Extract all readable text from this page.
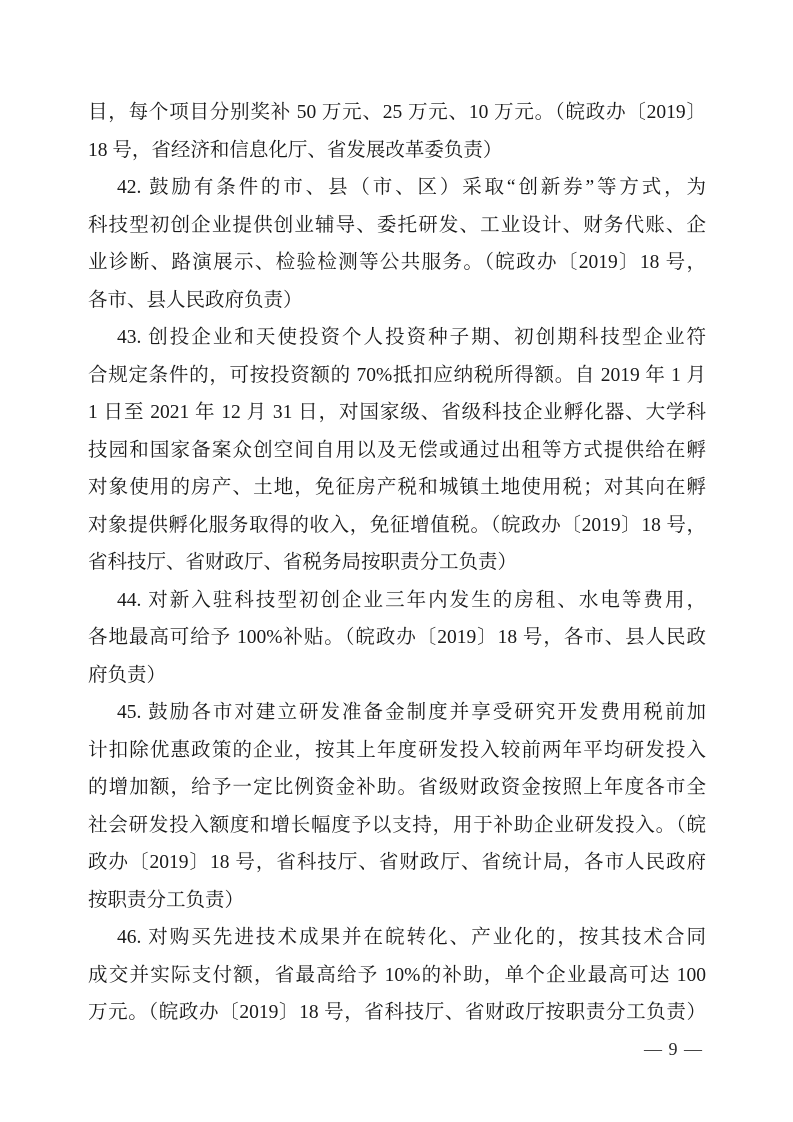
目，每个项目分别奖补 50 万元、25 万元、10 万元。（皖政办〔2019〕
18 号，省经济和信息化厅、省发展改革委负责）
42. 鼓励有条件的市、县（市、区）采取“创新券”等方式，为
科技型初创企业提供创业辅导、委托研发、工业设计、财务代账、企
业诊断、路演展示、检验检测等公共服务。（皖政办〔2019〕18 号，
各市、县人民政府负责）
43. 创投企业和天使投资个人投资种子期、初创期科技型企业符
合规定条件的，可按投资额的 70%抵扣应纳税所得额。自 2019 年 1 月
1 日至 2021 年 12 月 31 日，对国家级、省级科技企业孵化器、大学科
技园和国家备案众创空间自用以及无偿或通过出租等方式提供给在孵
对象使用的房产、土地，免征房产税和城镇土地使用税；对其向在孵
对象提供孵化服务取得的收入，免征增值税。（皖政办〔2019〕18 号，
省科技厅、省财政厅、省税务局按职责分工负责）
44. 对新入驻科技型初创企业三年内发生的房租、水电等费用，
各地最高可给予 100%补贴。（皖政办〔2019〕18 号，各市、县人民政
府负责）
45. 鼓励各市对建立研发准备金制度并享受研究开发费用税前加
计扣除优惠政策的企业，按其上年度研发投入较前两年平均研发投入
的增加额，给予一定比例资金补助。省级财政资金按照上年度各市全
社会研发投入额度和增长幅度予以支持，用于补助企业研发投入。（皖
政办〔2019〕18 号，省科技厅、省财政厅、省统计局，各市人民政府
按职责分工负责）
46. 对购买先进技术成果并在皖转化、产业化的，按其技术合同
成交并实际支付额，省最高给予 10%的补助，单个企业最高可达 100
万元。（皖政办〔2019〕18 号，省科技厅、省财政厅按职责分工负责）
— 9 —
